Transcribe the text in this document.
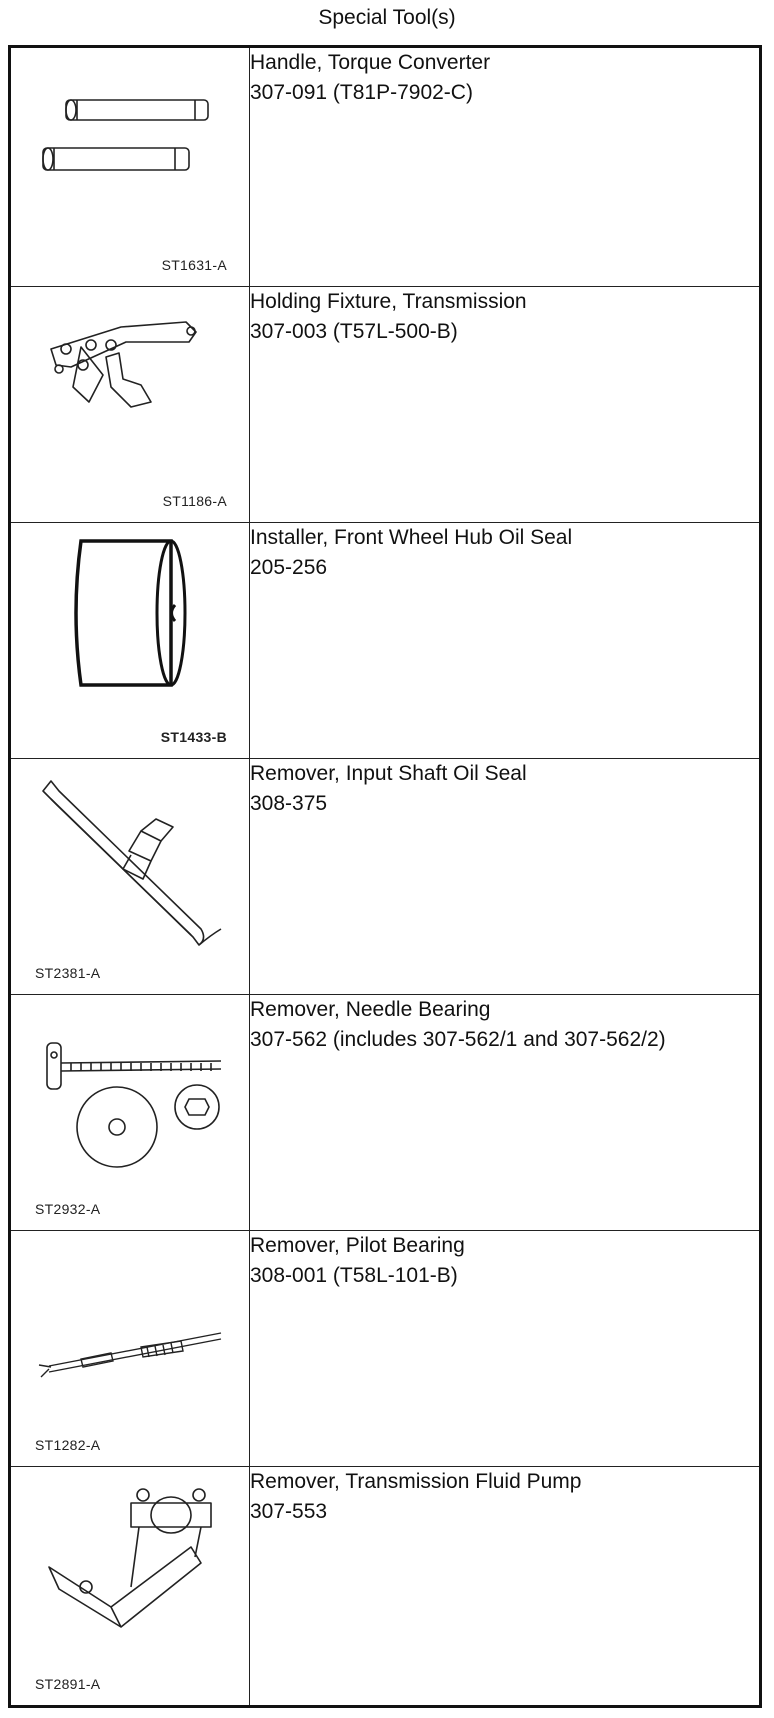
Special Tool(s)
ST1631-A	Handle, Torque Converter
307-091 (T81P-7902-C)

ST1186-A	Holding Fixture, Transmission
307-003 (T57L-500-B)

ST1433-B	Installer, Front Wheel Hub Oil Seal
205-256

ST2381-A	Remover, Input Shaft Oil Seal
308-375

ST2932-A	Remover, Needle Bearing
307-562 (includes 307-562/1 and 307-562/2)

ST1282-A	Remover, Pilot Bearing
308-001 (T58L-101-B)

ST2891-A	Remover, Transmission Fluid Pump
307-553
